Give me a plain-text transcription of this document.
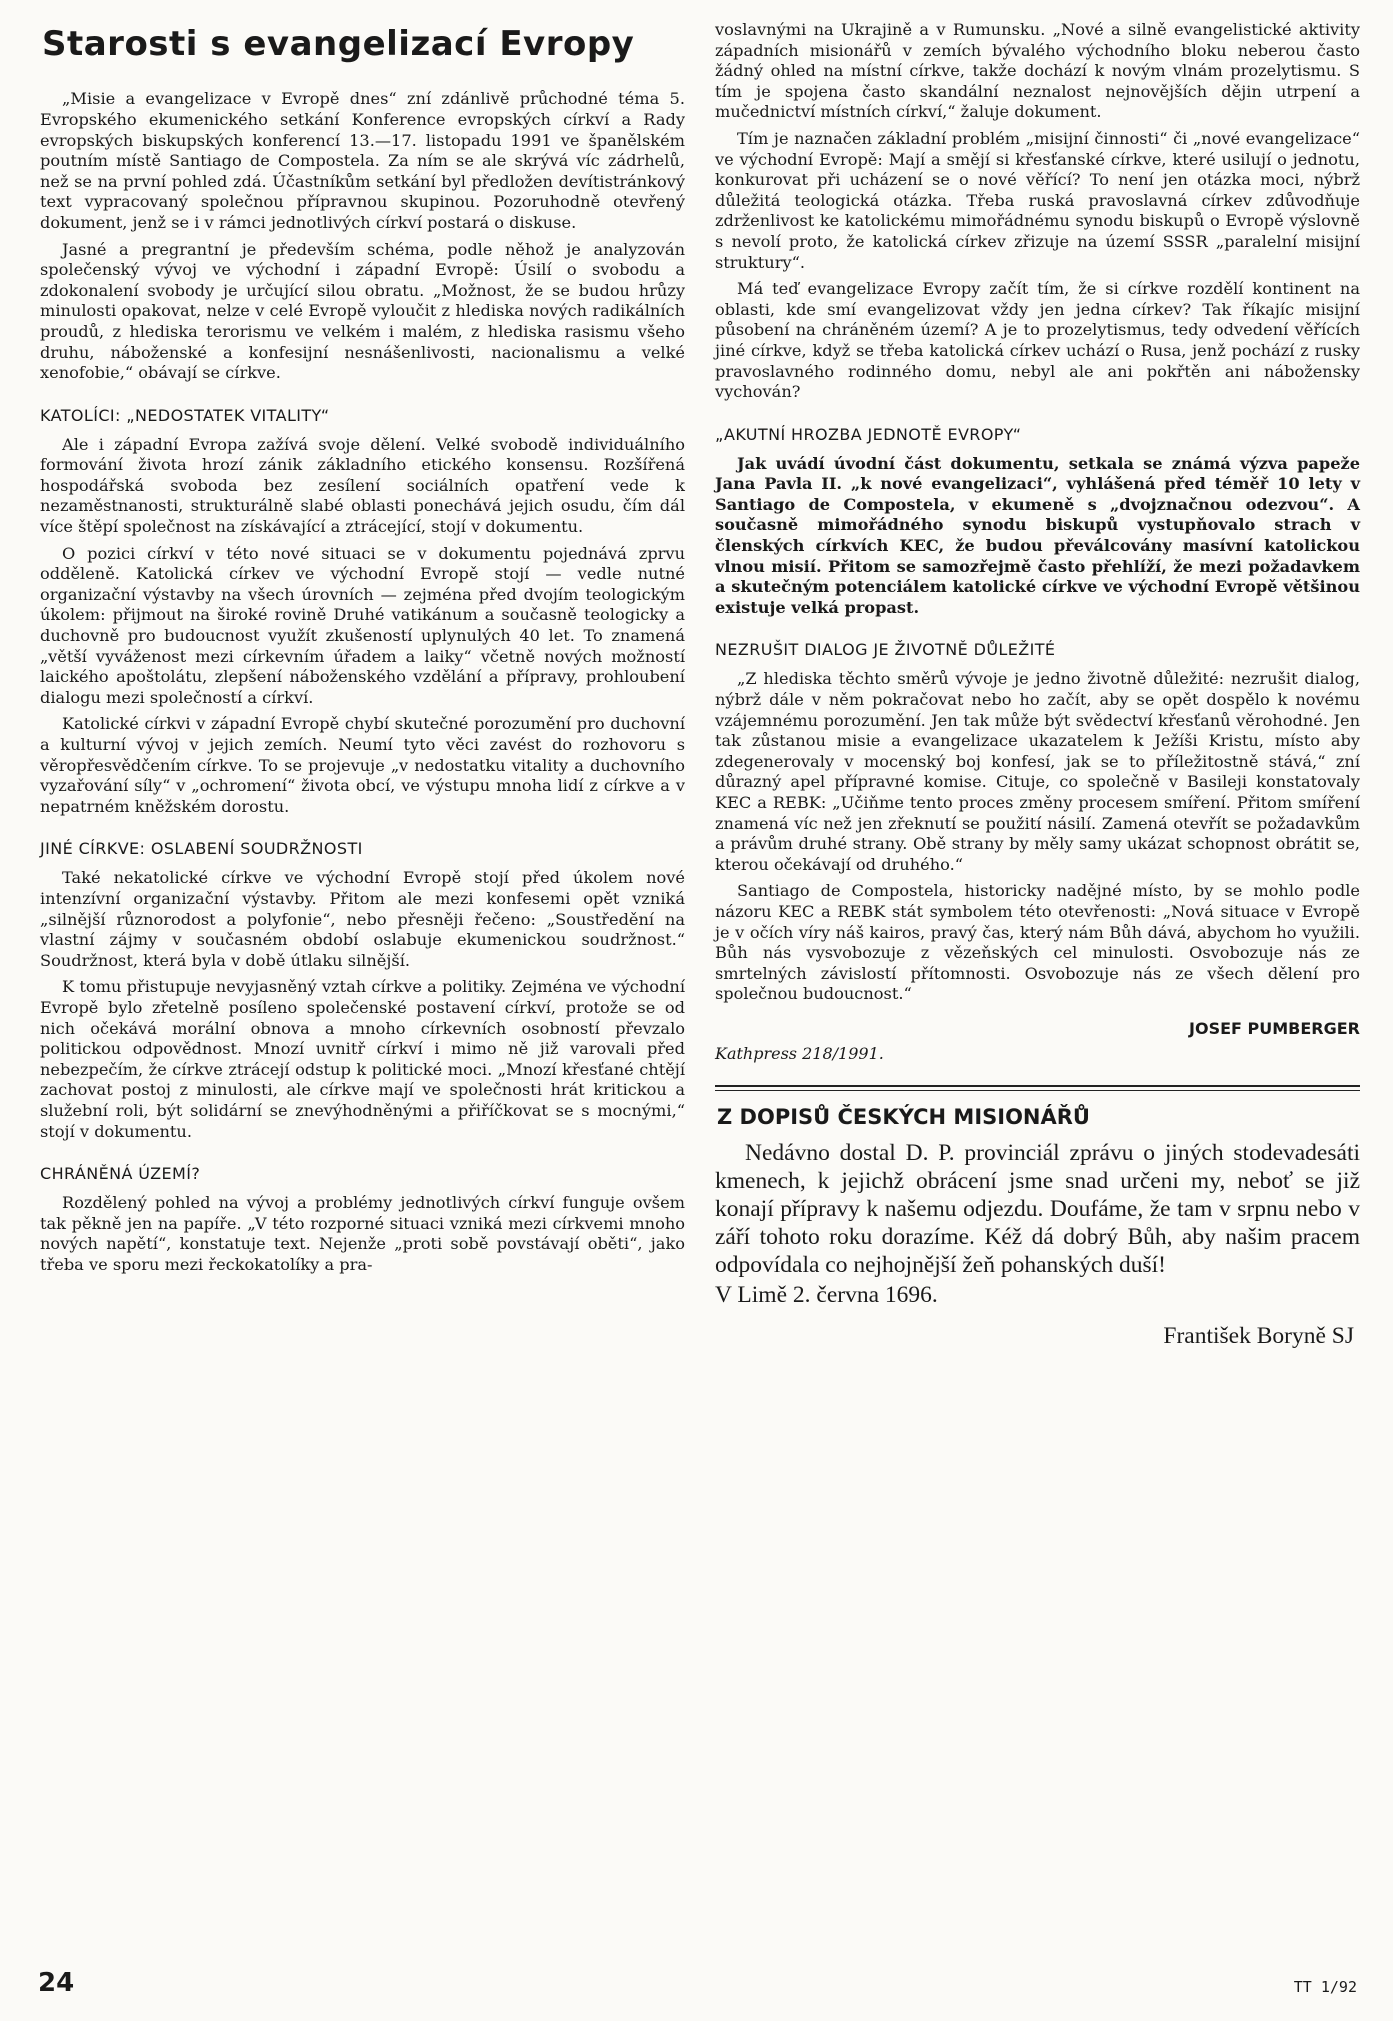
Starosti s evangelizací Evropy
„Misie a evangelizace v Evropě dnes“ zní zdánlivě průchodné téma 5. Evropského ekumenického setkání Konference evropských církví a Rady evropských biskupských konferencí 13.—17. listopadu 1991 ve španělském poutním místě Santiago de Compostela. Za ním se ale skrývá víc zádrhelů, než se na první pohled zdá. Účastníkům setkání byl předložen devítistránkový text vypracovaný společnou přípravnou skupinou. Pozoruhodně otevřený dokument, jenž se i v rámci jednotlivých církví postará o diskuse.
Jasné a pregrantní je především schéma, podle něhož je analyzován společenský vývoj ve východní i západní Evropě: Úsilí o svobodu a zdokonalení svobody je určující silou obratu. „Možnost, že se budou hrůzy minulosti opakovat, nelze v celé Evropě vyloučit z hlediska nových radikálních proudů, z hlediska terorismu ve velkém i malém, z hlediska rasismu všeho druhu, náboženské a konfesijní nesnášenlivosti, nacionalismu a velké xenofobie,“ obávají se církve.
KATOLÍCI: „NEDOSTATEK VITALITY“
Ale i západní Evropa zažívá svoje dělení. Velké svobodě individuálního formování života hrozí zánik základního etického konsensu. Rozšířená hospodářská svoboda bez zesílení sociálních opatření vede k nezaměstnanosti, strukturálně slabé oblasti ponechává jejich osudu, čím dál více štěpí společnost na získávající a ztrácející, stojí v dokumentu.
O pozici církví v této nové situaci se v dokumentu pojednává zprvu odděleně. Katolická církev ve východní Evropě stojí — vedle nutné organizační výstavby na všech úrovních — zejména před dvojím teologickým úkolem: přijmout na široké rovině Druhé vatikánum a současně teologicky a duchovně pro budoucnost využít zkušeností uplynulých 40 let. To znamená „větší vyváženost mezi církevním úřadem a laiky“ včetně nových možností laického apoštolátu, zlepšení náboženského vzdělání a přípravy, prohloubení dialogu mezi společností a církví.
Katolické církvi v západní Evropě chybí skutečné porozumění pro duchovní a kulturní vývoj v jejich zemích. Neumí tyto věci zavést do rozhovoru s věropřesvědčením církve. To se projevuje „v nedostatku vitality a duchovního vyzařování síly“ v „ochromení“ života obcí, ve výstupu mnoha lidí z církve a v nepatrném kněžském dorostu.
JINÉ CÍRKVE: OSLABENÍ SOUDRŽNOSTI
Také nekatolické církve ve východní Evropě stojí před úkolem nové intenzívní organizační výstavby. Přitom ale mezi konfesemi opět vzniká „silnější různorodost a polyfonie“, nebo přesněji řečeno: „Soustředění na vlastní zájmy v současném období oslabuje ekumenickou soudržnost.“ Soudržnost, která byla v době útlaku silnější.
K tomu přistupuje nevyjasněný vztah církve a politiky. Zejména ve východní Evropě bylo zřetelně posíleno společenské postavení církví, protože se od nich očekává morální obnova a mnoho církevních osobností převzalo politickou odpovědnost. Mnozí uvnitř církví i mimo ně již varovali před nebezpečím, že církve ztrácejí odstup k politické moci. „Mnozí křesťané chtějí zachovat postoj z minulosti, ale církve mají ve společnosti hrát kritickou a služební roli, být solidární se znevýhodněnými a přiříčkovat se s mocnými,“ stojí v dokumentu.
CHRÁNĚNÁ ÚZEMÍ?
Rozdělený pohled na vývoj a problémy jednotlivých církví funguje ovšem tak pěkně jen na papíře. „V této rozporné situaci vzniká mezi církvemi mnoho nových napětí“, konstatuje text. Nejenže „proti sobě povstávají oběti“, jako třeba ve sporu mezi řeckokatolíky a pra-
voslavnými na Ukrajině a v Rumunsku. „Nové a silně evangelistické aktivity západních misionářů v zemích bývalého východního bloku neberou často žádný ohled na místní církve, takže dochází k novým vlnám prozelytismu. S tím je spojena často skandální neznalost nejnovějších dějin utrpení a mučednictví místních církví,“ žaluje dokument.
Tím je naznačen základní problém „misijní činnosti“ či „nové evangelizace“ ve východní Evropě: Mají a smějí si křesťanské církve, které usilují o jednotu, konkurovat při ucházení se o nové věřící? To není jen otázka moci, nýbrž důležitá teologická otázka. Třeba ruská pravoslavná církev zdůvodňuje zdrženlivost ke katolickému mimořádnému synodu biskupů o Evropě výslovně s nevolí proto, že katolická církev zřizuje na území SSSR „paralelní misijní struktury“.
Má teď evangelizace Evropy začít tím, že si církve rozdělí kontinent na oblasti, kde smí evangelizovat vždy jen jedna církev? Tak říkajíc misijní působení na chráněném území? A je to prozelytismus, tedy odvedení věřících jiné církve, když se třeba katolická církev uchází o Rusa, jenž pochází z rusky pravoslavného rodinného domu, nebyl ale ani pokřtěn ani nábožensky vychován?
„AKUTNÍ HROZBA JEDNOTĚ EVROPY“
Jak uvádí úvodní část dokumentu, setkala se známá výzva papeže Jana Pavla II. „k nové evangelizaci“, vyhlášená před téměř 10 lety v Santiago de Compostela, v ekumeně s „dvojznačnou odezvou“. A současně mimořádného synodu biskupů vystupňovalo strach v členských církvích KEC, že budou převálcovány masívní katolickou vlnou misií. Přitom se samozřejmě často přehlíží, že mezi požadavkem a skutečným potenciálem katolické církve ve východní Evropě většinou existuje velká propast.
NEZRUŠIT DIALOG JE ŽIVOTNĚ DŮLEŽITÉ
„Z hlediska těchto směrů vývoje je jedno životně důležité: nezrušit dialog, nýbrž dále v něm pokračovat nebo ho začít, aby se opět dospělo k novému vzájemnému porozumění. Jen tak může být svědectví křesťanů věrohodné. Jen tak zůstanou misie a evangelizace ukazatelem k Ježíši Kristu, místo aby zdegenerovaly v mocenský boj konfesí, jak se to příležitostně stává,“ zní důrazný apel přípravné komise. Cituje, co společně v Basileji konstatovaly KEC a REBK: „Učiňme tento proces změny procesem smíření. Přitom smíření znamená víc než jen zřeknutí se použití násilí. Zamená otevřít se požadavkům a právům druhé strany. Obě strany by měly samy ukázat schopnost obrátit se, kterou očekávají od druhého.“
Santiago de Compostela, historicky nadějné místo, by se mohlo podle názoru KEC a REBK stát symbolem této otevřenosti: „Nová situace v Evropě je v očích víry náš kairos, pravý čas, který nám Bůh dává, abychom ho využili. Bůh nás vysvobozuje z vězeňských cel minulosti. Osvobozuje nás ze smrtelných závislostí přítomnosti. Osvobozuje nás ze všech dělení pro společnou budoucnost.“
JOSEF PUMBERGER
Kathpress 218/1991.
Z DOPISŮ ČESKÝCH MISIONÁŘŮ
Nedávno dostal D. P. provinciál zprávu o jiných stodevadesáti kmenech, k jejichž obrácení jsme snad určeni my, neboť se již konají přípravy k našemu odjezdu. Doufáme, že tam v srpnu nebo v září tohoto roku dorazíme. Kéž dá dobrý Bůh, aby našim pracem odpovídala co nejhojnější žeň pohanských duší!
V Limě 2. června 1696.
František Boryně SJ
24	TT 1/92
